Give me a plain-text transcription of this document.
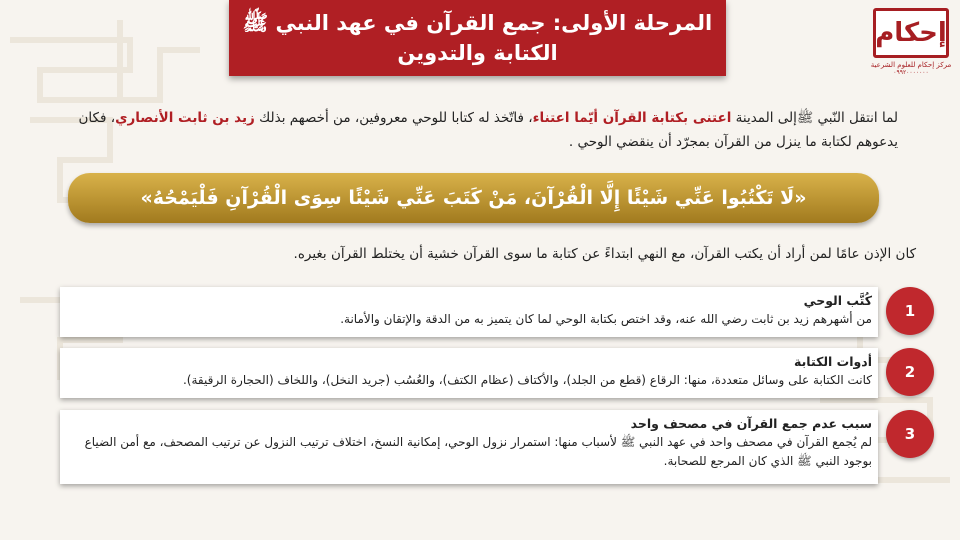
إحكام
مركز إحكام للعلوم الشرعية
٠٩٩٢٠٠٠٠٠٠٠
المرحلة الأولى: جمع القرآن في عهد النبي ﷺ
الكتابة والتدوين
لما انتقل النّبي ﷺإلى المدينة اعتنى بكتابة القرآن أيّما اعتناء، فاتّخذ له كتابا للوحي معروفين، من أخصهم بذلك زيد بن ثابت الأنصاري، فكان يدعوهم لكتابة ما ينزل من القرآن بمجرّد أن ينقضي الوحي .
«لَا تَكْتُبُوا عَنِّي شَيْئًا إِلَّا الْقُرْآنَ، مَنْ كَتَبَ عَنِّي شَيْئًا سِوَى الْقُرْآنِ فَلْيَمْحُهُ»
كان الإذن عامًا لمن أراد أن يكتب القرآن، مع النهي ابتداءً عن كتابة ما سوى القرآن خشية أن يختلط القرآن بغيره.
1
كُتَّب الوحي
من أشهرهم زيد بن ثابت رضي الله عنه، وقد اختص بكتابة الوحي لما كان يتميز به من الدقة والإتقان والأمانة.
2
أدوات الكتابة
كانت الكتابة على وسائل متعددة، منها: الرقاع (قطع من الجلد)، والأكتاف (عظام الكتف)، والعُسُب (جريد النخل)، واللخاف (الحجارة الرقيقة).
3
سبب عدم جمع القرآن في مصحف واحد
لم يُجمع القرآن في مصحف واحد في عهد النبي ﷺ لأسباب منها: استمرار نزول الوحي، إمكانية النسخ، اختلاف ترتيب النزول عن ترتيب المصحف، مع أمن الضياع بوجود النبي ﷺ الذي كان المرجع للصحابة.
